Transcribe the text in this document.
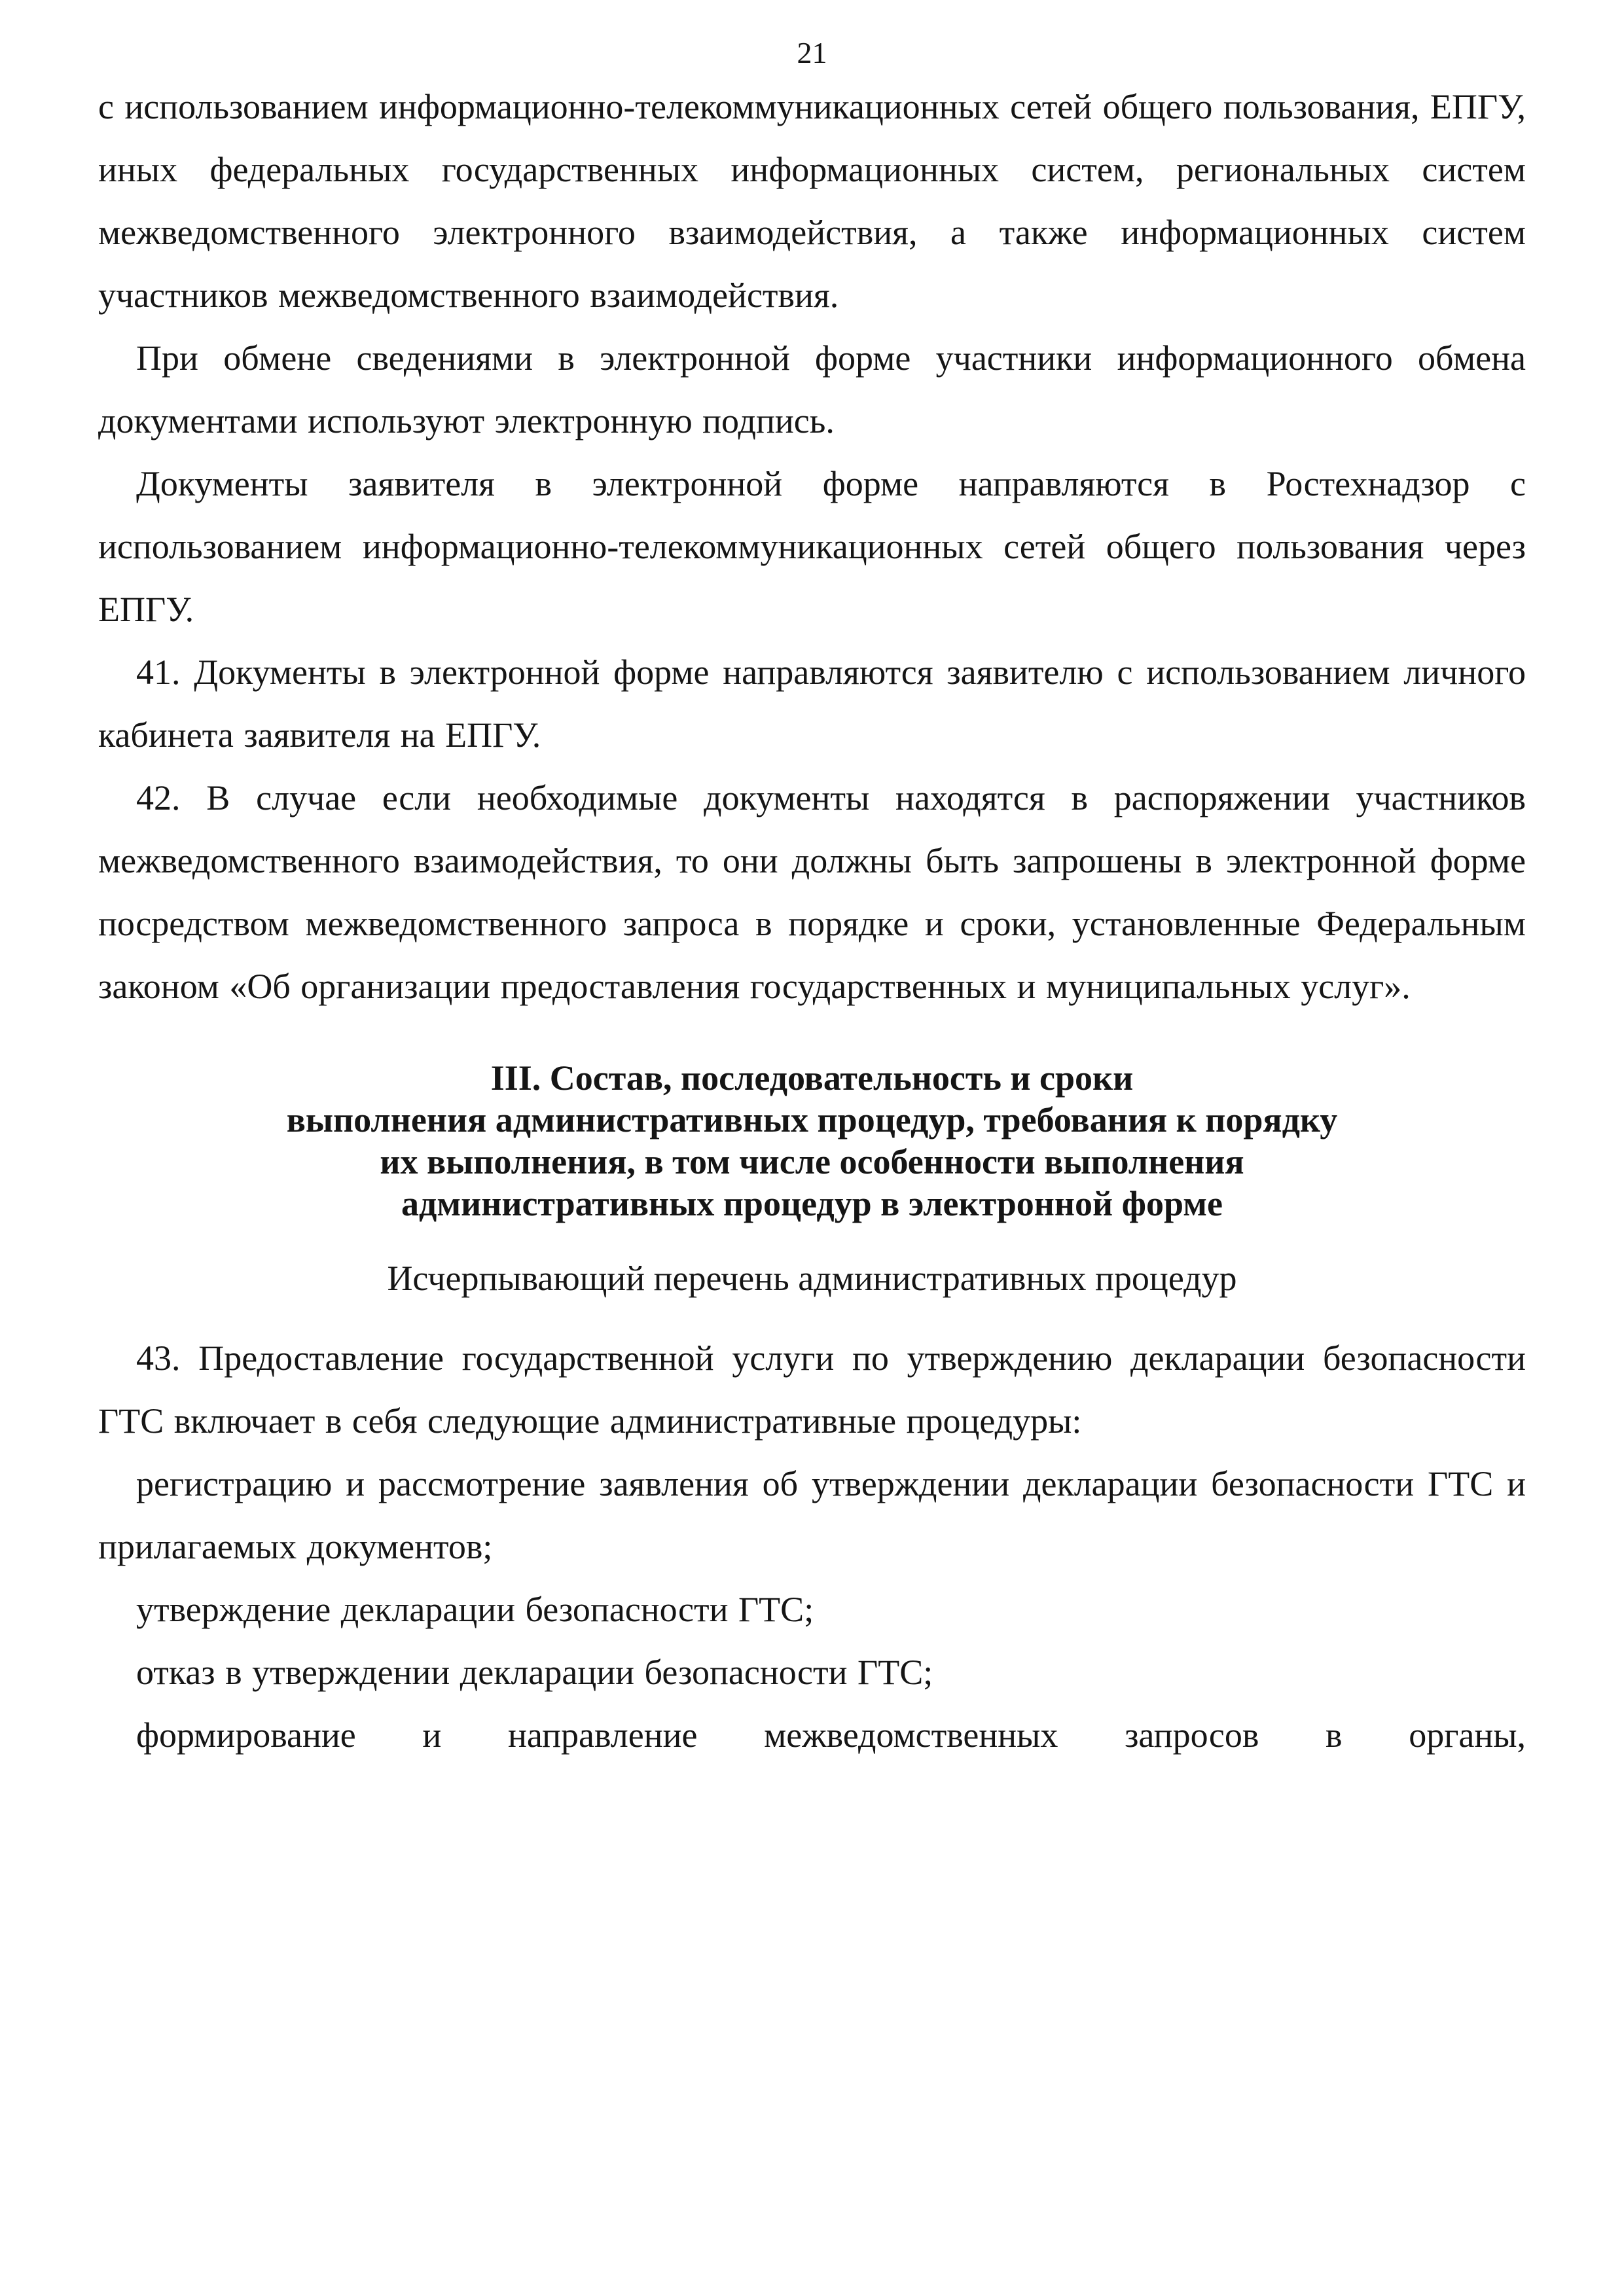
21

с использованием информационно-телекоммуникационных сетей общего пользования, ЕПГУ, иных федеральных государственных информационных систем, региональных систем межведомственного электронного взаимодействия, а также информационных систем участников межведомственного взаимодействия.

При обмене сведениями в электронной форме участники информационного обмена документами используют электронную подпись.

Документы заявителя в электронной форме направляются в Ростехнадзор с использованием информационно-телекоммуникационных сетей общего пользования через ЕПГУ.

41. Документы в электронной форме направляются заявителю с использованием личного кабинета заявителя на ЕПГУ.

42. В случае если необходимые документы находятся в распоряжении участников межведомственного взаимодействия, то они должны быть запрошены в электронной форме посредством межведомственного запроса в порядке и сроки, установленные Федеральным законом «Об организации предоставления государственных и муниципальных услуг».

III. Состав, последовательность и сроки
выполнения административных процедур, требования к порядку
их выполнения, в том числе особенности выполнения
административных процедур в электронной форме

Исчерпывающий перечень административных процедур

43. Предоставление государственной услуги по утверждению декларации безопасности ГТС включает в себя следующие административные процедуры:

регистрацию и рассмотрение заявления об утверждении декларации безопасности ГТС и прилагаемых документов;

утверждение декларации безопасности ГТС;

отказ в утверждении декларации безопасности ГТС;

формирование и направление межведомственных запросов в органы,
